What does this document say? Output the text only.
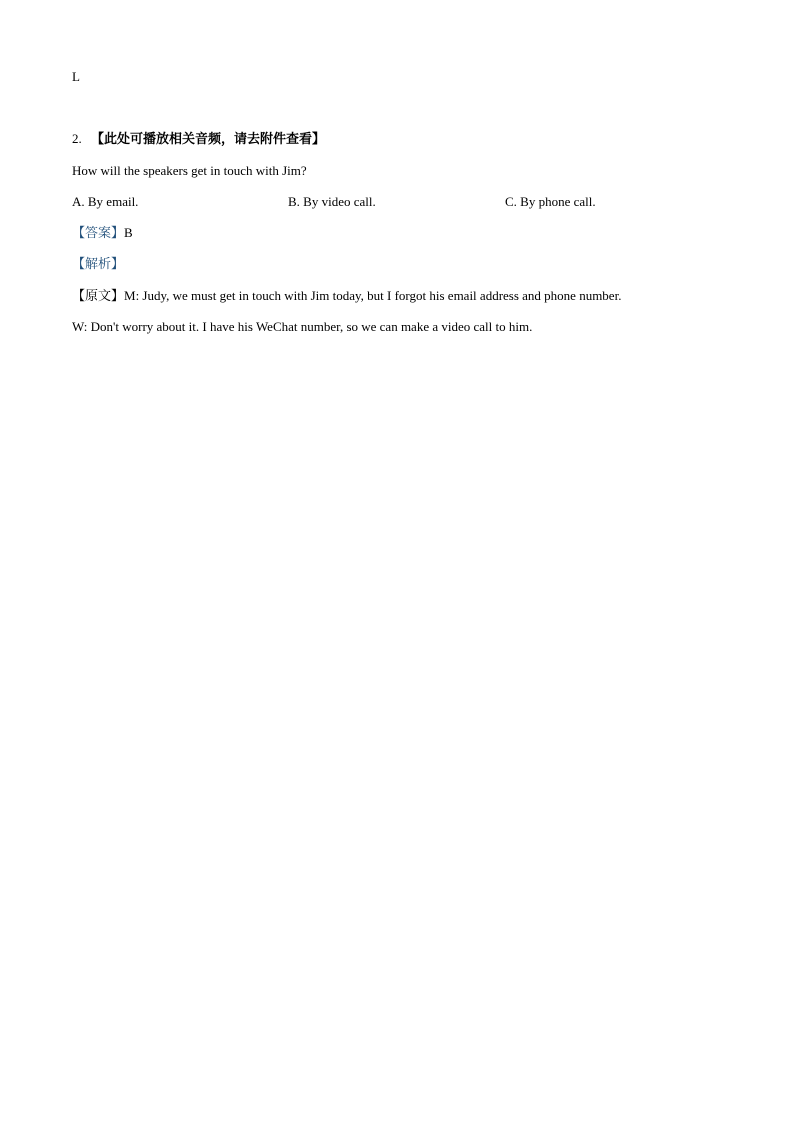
L
2. 【此处可播放相关音频，请去附件查看】
How will the speakers get in touch with Jim?
A. By email.	B. By video call.	C. By phone call.
【答案】B
【解析】
【原文】M: Judy, we must get in touch with Jim today, but I forgot his email address and phone number.
W: Don't worry about it. I have his WeChat number, so we can make a video call to him.
